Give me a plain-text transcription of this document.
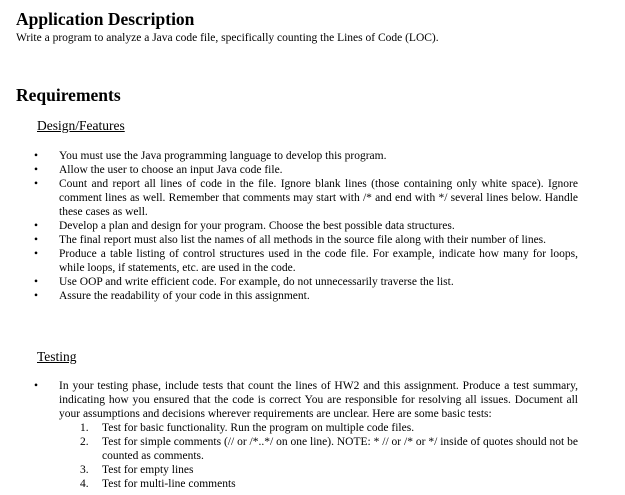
Application Description
Write a program to analyze a Java code file, specifically counting the Lines of Code (LOC).
Requirements
Design/Features
•	You must use the Java programming language to develop this program.
•	Allow the user to choose an input Java code file.
•	Count and report all lines of code in the file. Ignore blank lines (those containing only white space). Ignore comment lines as well. Remember that comments may start with /* and end with */ several lines below. Handle these cases as well.
•	Develop a plan and design for your program. Choose the best possible data structures.
•	The final report must also list the names of all methods in the source file along with their number of lines.
•	Produce a table listing of control structures used in the code file. For example, indicate how many for loops, while loops, if statements, etc. are used in the code.
•	Use OOP and write efficient code. For example, do not unnecessarily traverse the list.
•	Assure the readability of your code in this assignment.
Testing
•	In your testing phase, include tests that count the lines of HW2 and this assignment. Produce a test summary, indicating how you ensured that the code is correct You are responsible for resolving all issues. Document all your assumptions and decisions wherever requirements are unclear. Here are some basic tests:
1.	Test for basic functionality. Run the program on multiple code files.
2.	Test for simple comments (// or /*..*/ on one line). NOTE: * // or /* or */ inside of quotes should not be counted as comments.
3.	Test for empty lines
4.	Test for multi-line comments
